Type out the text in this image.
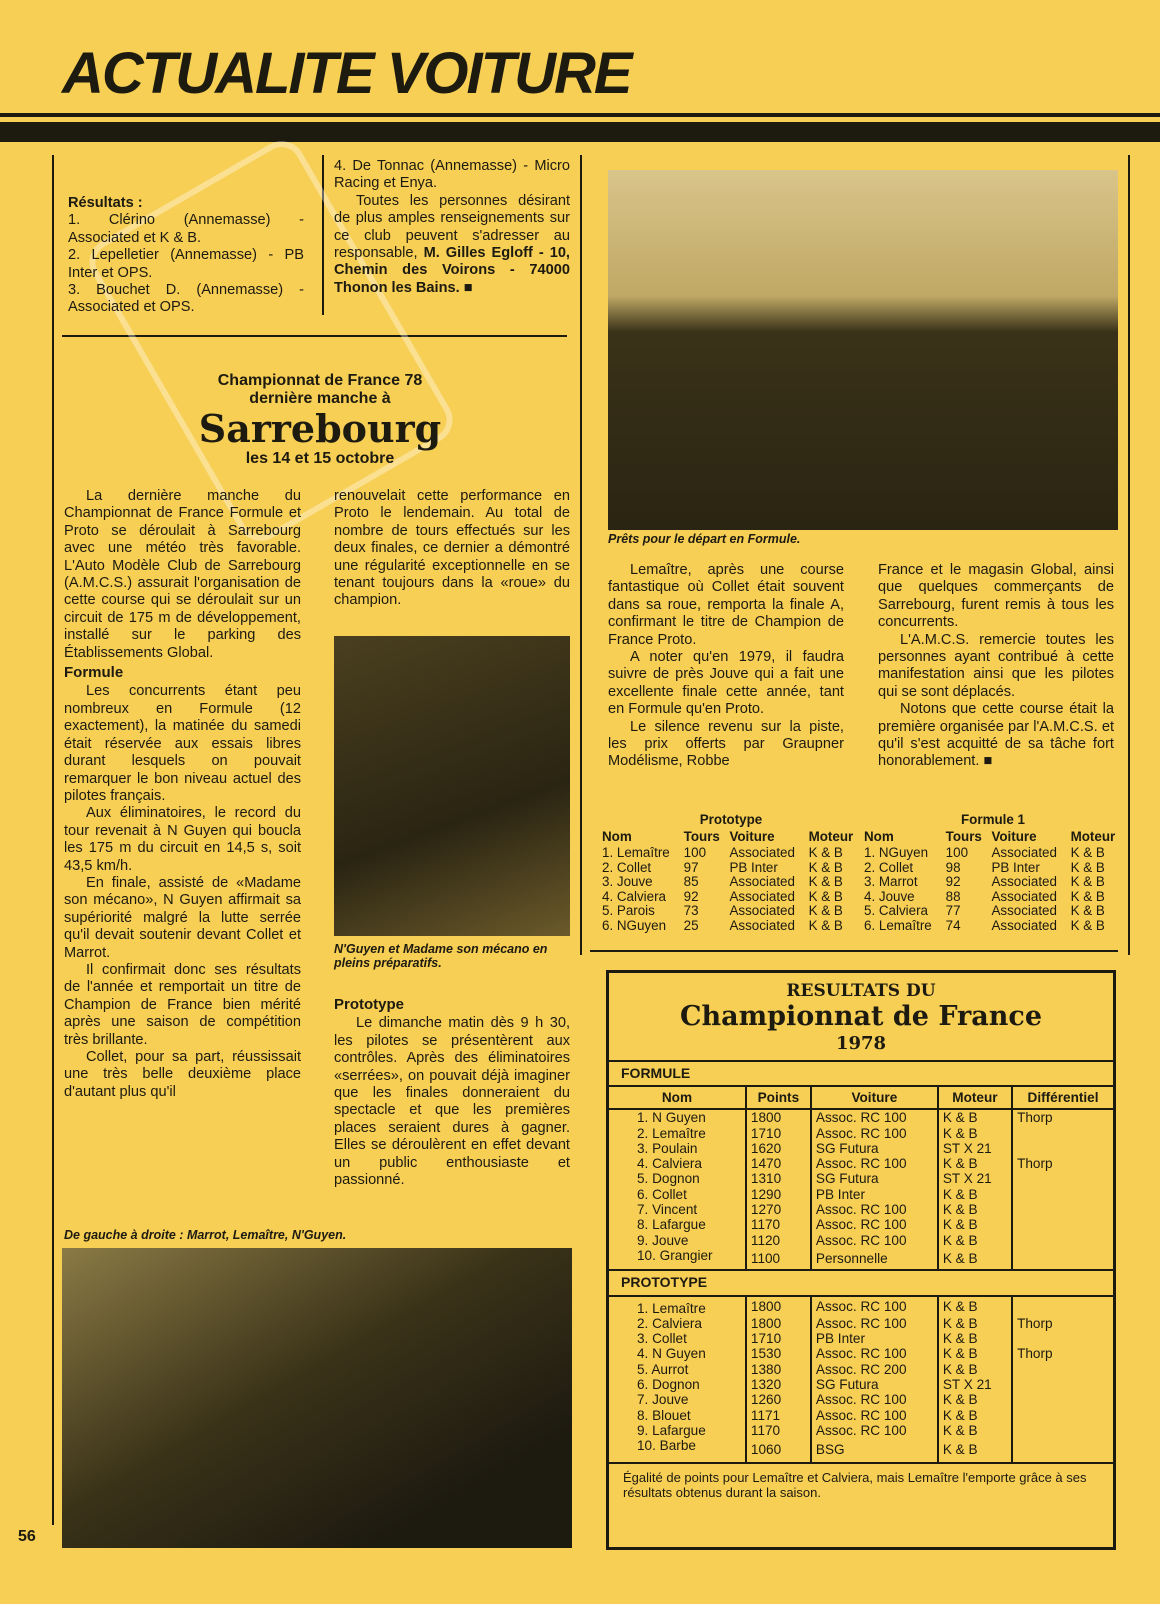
ACTUALITE VOITURE
Résultats :
1. Clérino (Annemasse) - Associated et K & B.
2. Lepelletier (Annemasse) - PB Inter et OPS.
3. Bouchet D. (Annemasse) - Associated et OPS.
4. De Tonnac (Annemasse) - Micro Racing et Enya.

Toutes les personnes désirant de plus amples renseignements sur ce club peuvent s'adresser au responsable, M. Gilles Egloff - 10, Chemin des Voirons - 74000 Thonon les Bains. ■

Championnat de France 78
dernière manche à
Sarrebourg
les 14 et 15 octobre

La dernière manche du Championnat de France Formule et Proto se déroulait à Sarrebourg avec une météo très favorable. L'Auto Modèle Club de Sarrebourg (A.M.C.S.) assurait l'organisation de cette course qui se déroulait sur un circuit de 175 m de développement, installé sur le parking des Établissements Global.

Formule

Les concurrents étant peu nombreux en Formule (12 exactement), la matinée du samedi était réservée aux essais libres durant lesquels on pouvait remarquer le bon niveau actuel des pilotes français.

Aux éliminatoires, le record du tour revenait à N Guyen qui boucla les 175 m du circuit en 14,5 s, soit 43,5 km/h.

En finale, assisté de «Madame son mécano», N Guyen affirmait sa supériorité malgré la lutte serrée qu'il devait soutenir devant Collet et Marrot.

Il confirmait donc ses résultats de l'année et remportait un titre de Champion de France bien mérité après une saison de compétition très brillante.

Collet, pour sa part, réussissait une très belle deuxième place d'autant plus qu'il

renouvelait cette performance en Proto le lendemain. Au total de nombre de tours effectués sur les deux finales, ce dernier a démontré une régularité exceptionnelle en se tenant toujours dans la «roue» du champion.

N'Guyen et Madame son mécano en pleins préparatifs.
Prototype

Le dimanche matin dès 9 h 30, les pilotes se présentèrent aux contrôles. Après des éliminatoires «serrées», on pouvait déjà imaginer que les finales donneraient du spectacle et que les premières places seraient dures à gagner. Elles se déroulèrent en effet devant un public enthousiaste et passionné.

Prêts pour le départ en Formule.

Lemaître, après une course fantastique où Collet était souvent dans sa roue, remporta la finale A, confirmant le titre de Champion de France Proto.

A noter qu'en 1979, il faudra suivre de près Jouve qui a fait une excellente finale cette année, tant en Formule qu'en Proto.

Le silence revenu sur la piste, les prix offerts par Graupner Modélisme, Robbe

France et le magasin Global, ainsi que quelques commerçants de Sarrebourg, furent remis à tous les concurrents.

L'A.M.C.S. remercie toutes les personnes ayant contribué à cette manifestation ainsi que les pilotes qui se sont déplacés.

Notons que cette course était la première organisée par l'A.M.C.S. et qu'il s'est acquitté de sa tâche fort honorablement. ■

Prototype
Nom	Tours	Voiture	Moteur
1. Lemaître	100	Associated	K & B
2. Collet	97	PB Inter	K & B
3. Jouve	85	Associated	K & B
4. Calviera	92	Associated	K & B
5. Parois	73	Associated	K & B
6. NGuyen	25	Associated	K & B
Formule 1
Nom	Tours	Voiture	Moteur
1. NGuyen	100	Associated	K & B
2. Collet	98	PB Inter	K & B
3. Marrot	92	Associated	K & B
4. Jouve	88	Associated	K & B
5. Calviera	77	Associated	K & B
6. Lemaître	74	Associated	K & B
De gauche à droite : Marrot, Lemaître, N'Guyen.
RESULTATS DU
Championnat de France
1978
FORMULE				
Nom	Points	Voiture	Moteur	Différentiel
1. N Guyen	1800	Assoc. RC 100	K & B	Thorp
2. Lemaître	1710	Assoc. RC 100	K & B	
3. Poulain	1620	SG Futura	ST X 21	
4. Calviera	1470	Assoc. RC 100	K & B	Thorp
5. Dognon	1310	SG Futura	ST X 21	
6. Collet	1290	PB Inter	K & B	
7. Vincent	1270	Assoc. RC 100	K & B	
8. Lafargue	1170	Assoc. RC 100	K & B	
9. Jouve	1120	Assoc. RC 100	K & B	
10. Grangier	1100	Personnelle	K & B	
PROTOTYPE				
1. Lemaître	1800	Assoc. RC 100	K & B	
2. Calviera	1800	Assoc. RC 100	K & B	Thorp
3. Collet	1710	PB Inter	K & B	
4. N Guyen	1530	Assoc. RC 100	K & B	Thorp
5. Aurrot	1380	Assoc. RC 200	K & B	
6. Dognon	1320	SG Futura	ST X 21	
7. Jouve	1260	Assoc. RC 100	K & B	
8. Blouet	1171	Assoc. RC 100	K & B	
9. Lafargue	1170	Assoc. RC 100	K & B	
10. Barbe	1060	BSG	K & B	
Égalité de points pour Lemaître et Calviera, mais Lemaître l'emporte grâce à ses résultats obtenus durant la saison.
56
